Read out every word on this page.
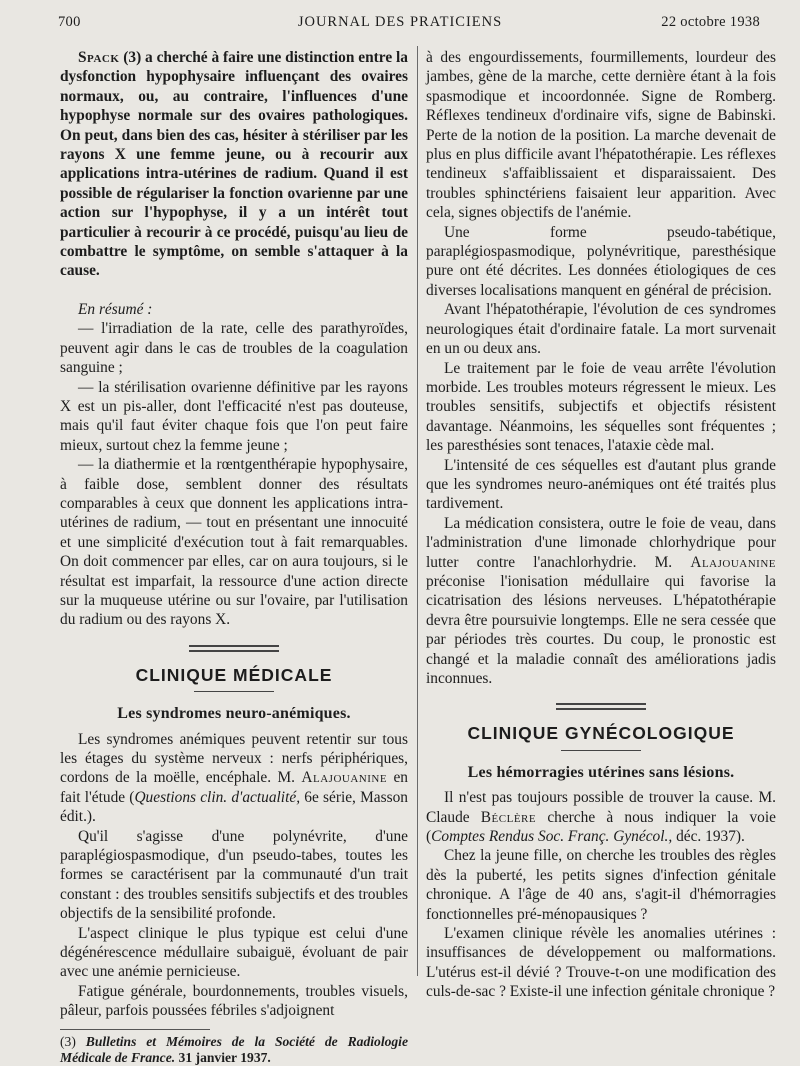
700	JOURNAL DES PRATICIENS	22 octobre 1938

Spack (3) a cherché à faire une distinction entre la dysfonction hypophysaire influençant des ovaires normaux, ou, au contraire, l'influences d'une hypophyse normale sur des ovaires pathologiques. On peut, dans bien des cas, hésiter à stériliser par les rayons X une femme jeune, ou à recourir aux applications intra-utérines de radium. Quand il est possible de régulariser la fonction ovarienne par une action sur l'hypophyse, il y a un intérêt tout particulier à recourir à ce procédé, puisqu'au lieu de combattre le symptôme, on semble s'attaquer à la cause.

En résumé :

— l'irradiation de la rate, celle des parathyroïdes, peuvent agir dans le cas de troubles de la coagulation sanguine ;

— la stérilisation ovarienne définitive par les rayons X est un pis-aller, dont l'efficacité n'est pas douteuse, mais qu'il faut éviter chaque fois que l'on peut faire mieux, surtout chez la femme jeune ;

— la diathermie et la rœntgenthérapie hypophysaire, à faible dose, semblent donner des résultats comparables à ceux que donnent les applications intra-utérines de radium, — tout en présentant une innocuité et une simplicité d'exécution tout à fait remarquables. On doit commencer par elles, car on aura toujours, si le résultat est imparfait, la ressource d'une action directe sur la muqueuse utérine ou sur l'ovaire, par l'utilisation du radium ou des rayons X.

CLINIQUE MÉDICALE
Les syndromes neuro-anémiques.

Les syndromes anémiques peuvent retentir sur tous les étages du système nerveux : nerfs périphériques, cordons de la moëlle, encéphale. M. Alajouanine en fait l'étude (Questions clin. d'actualité, 6e série, Masson édit.).

Qu'il s'agisse d'une polynévrite, d'une paraplégiospasmodique, d'un pseudo-tabes, toutes les formes se caractérisent par la communauté d'un trait constant : des troubles sensitifs subjectifs et des troubles objectifs de la sensibilité profonde.

L'aspect clinique le plus typique est celui d'une dégénérescence médullaire subaiguë, évoluant de pair avec une anémie pernicieuse.

Fatigue générale, bourdonnements, troubles visuels, pâleur, parfois poussées fébriles s'adjoignent

(3) Bulletins et Mémoires de la Société de Radiologie Médicale de France. 31 janvier 1937.

à des engourdissements, fourmillements, lourdeur des jambes, gène de la marche, cette dernière étant à la fois spasmodique et incoordonnée. Signe de Romberg. Réflexes tendineux d'ordinaire vifs, signe de Babinski. Perte de la notion de la position. La marche devenait de plus en plus difficile avant l'hépatothérapie. Les réflexes tendineux s'affaiblissaient et disparaissaient. Des troubles sphinctériens faisaient leur apparition. Avec cela, signes objectifs de l'anémie.

Une forme pseudo-tabétique, paraplégiospasmodique, polynévritique, paresthésique pure ont été décrites. Les données étiologiques de ces diverses localisations manquent en général de précision.

Avant l'hépatothérapie, l'évolution de ces syndromes neurologiques était d'ordinaire fatale. La mort survenait en un ou deux ans.

Le traitement par le foie de veau arrête l'évolution morbide. Les troubles moteurs régressent le mieux. Les troubles sensitifs, subjectifs et objectifs résistent davantage. Néanmoins, les séquelles sont fréquentes ; les paresthésies sont tenaces, l'ataxie cède mal.

L'intensité de ces séquelles est d'autant plus grande que les syndromes neuro-anémiques ont été traités plus tardivement.

La médication consistera, outre le foie de veau, dans l'administration d'une limonade chlorhydrique pour lutter contre l'anachlorhydrie. M. Alajouanine préconise l'ionisation médullaire qui favorise la cicatrisation des lésions nerveuses. L'hépatothérapie devra être poursuivie longtemps. Elle ne sera cessée que par périodes très courtes. Du coup, le pronostic est changé et la maladie connaît des améliorations jadis inconnues.

CLINIQUE GYNÉCOLOGIQUE
Les hémorragies utérines sans lésions.

Il n'est pas toujours possible de trouver la cause. M. Claude Béclère cherche à nous indiquer la voie (Comptes Rendus Soc. Franç. Gynécol., déc. 1937).

Chez la jeune fille, on cherche les troubles des règles dès la puberté, les petits signes d'infection génitale chronique. A l'âge de 40 ans, s'agit-il d'hémorragies fonctionnelles pré-ménopausiques ?

L'examen clinique révèle les anomalies utérines : insuffisances de développement ou malformations. L'utérus est-il dévié ? Trouve-t-on une modification des culs-de-sac ? Existe-il une infection génitale chronique ?
